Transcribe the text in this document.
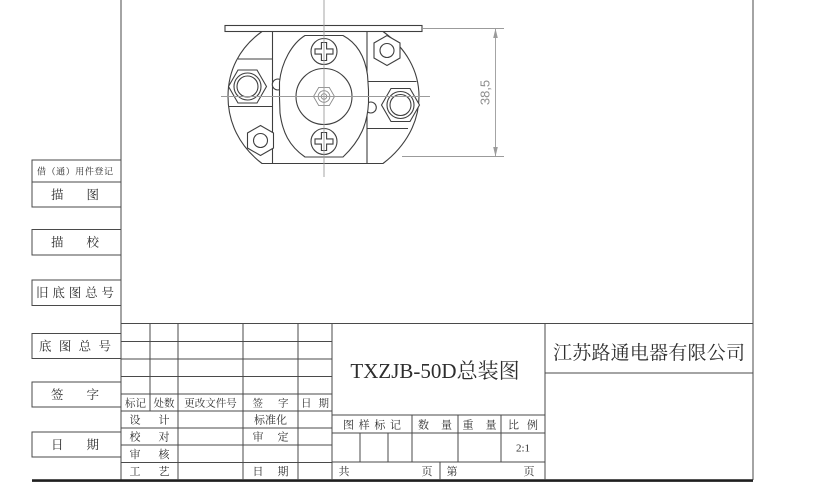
借（通）用件登记
描图
描校
旧底图总号
底图总号
签字
日期
TXZJB-50D总装图
江苏路通电器有限公司
标记 处数 更改文件号 签字 日期
设计	标准化
校对	审定
审核
工艺	日期
图样标记 数量 重量 比例
2:1
共	页 第	页
38,5
